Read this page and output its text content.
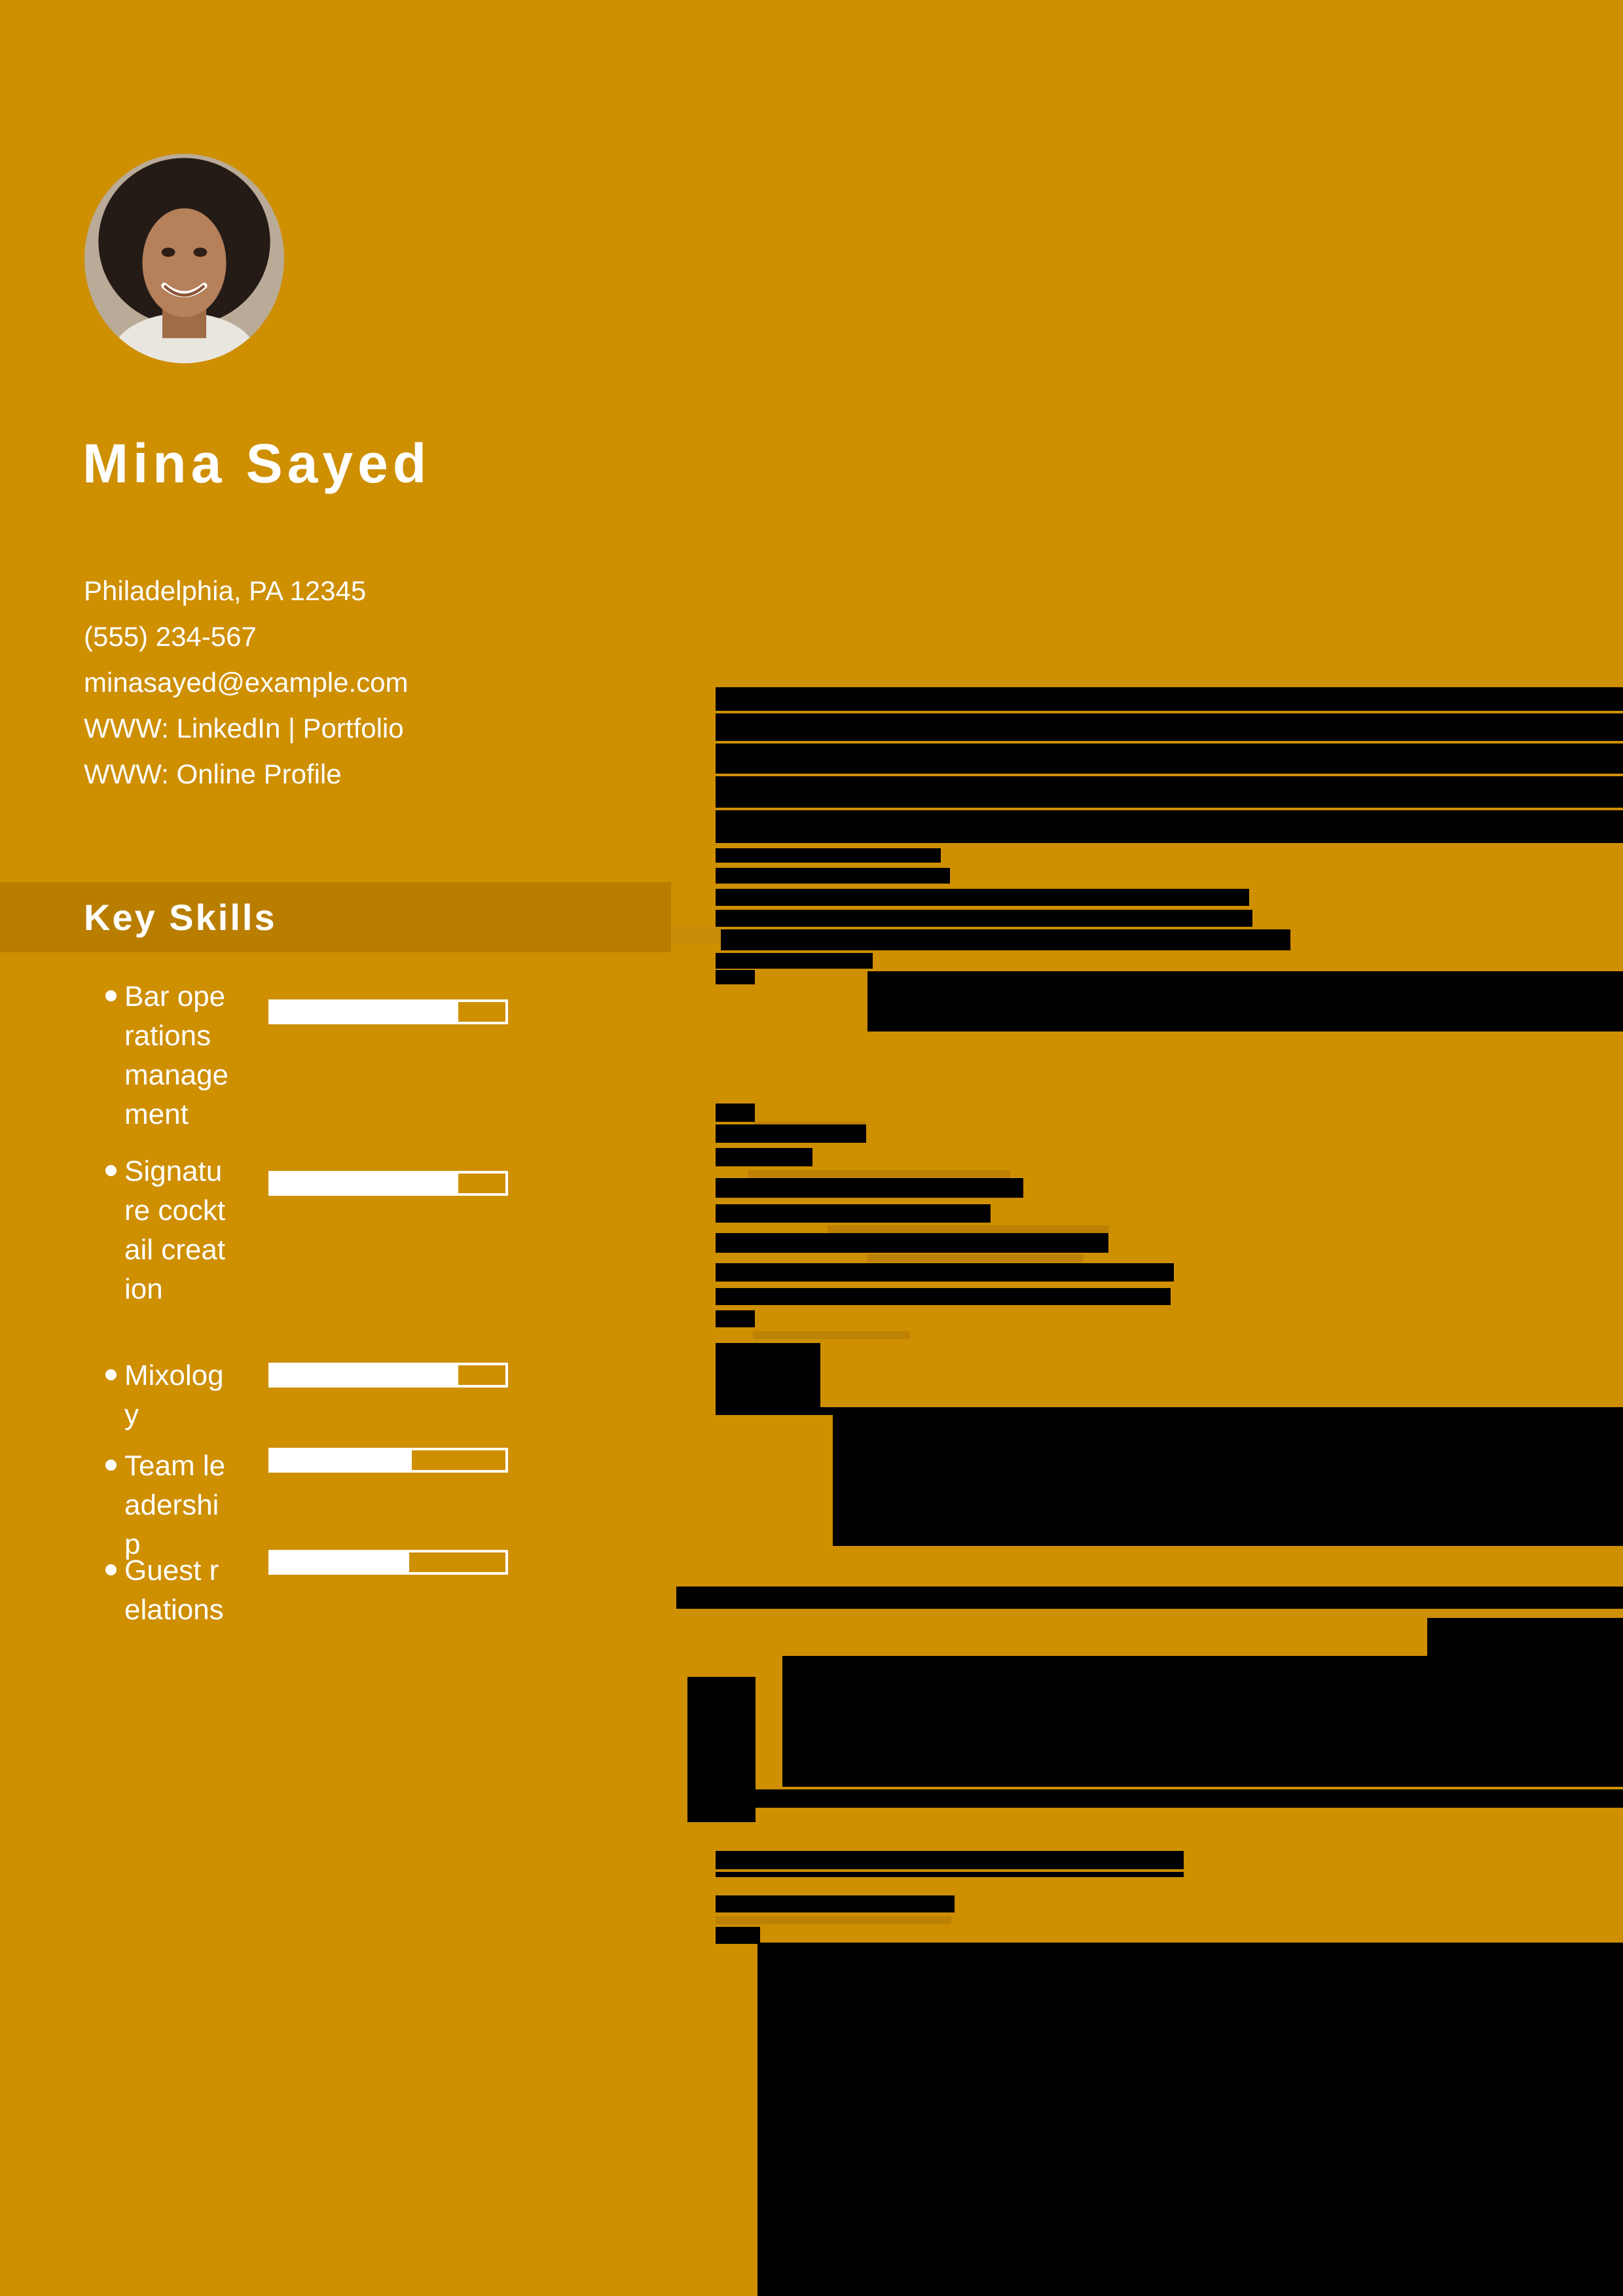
Mina Sayed
Philadelphia, PA 12345
(555) 234-567
minasayed@example.com
WWW: LinkedIn | Portfolio
WWW: Online Profile
Key Skills
Bar operations management
Signature cocktail creation
Mixology
Team leadership
Guest relations
